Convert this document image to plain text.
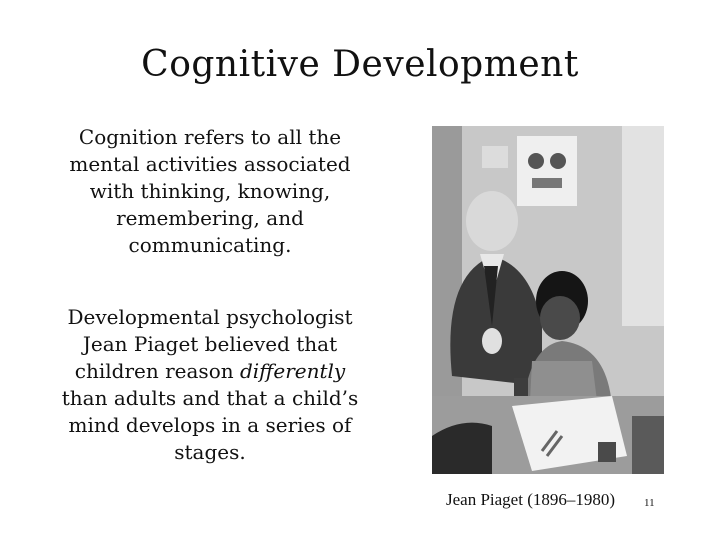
Cognitive Development
Cognition refers to all the mental activities associated with thinking, knowing, remembering, and communicating.
Developmental psychologist Jean Piaget believed that children reason differently than adults and that a child’s mind develops in a series of stages.
Jean Piaget (1896–1980)	11
